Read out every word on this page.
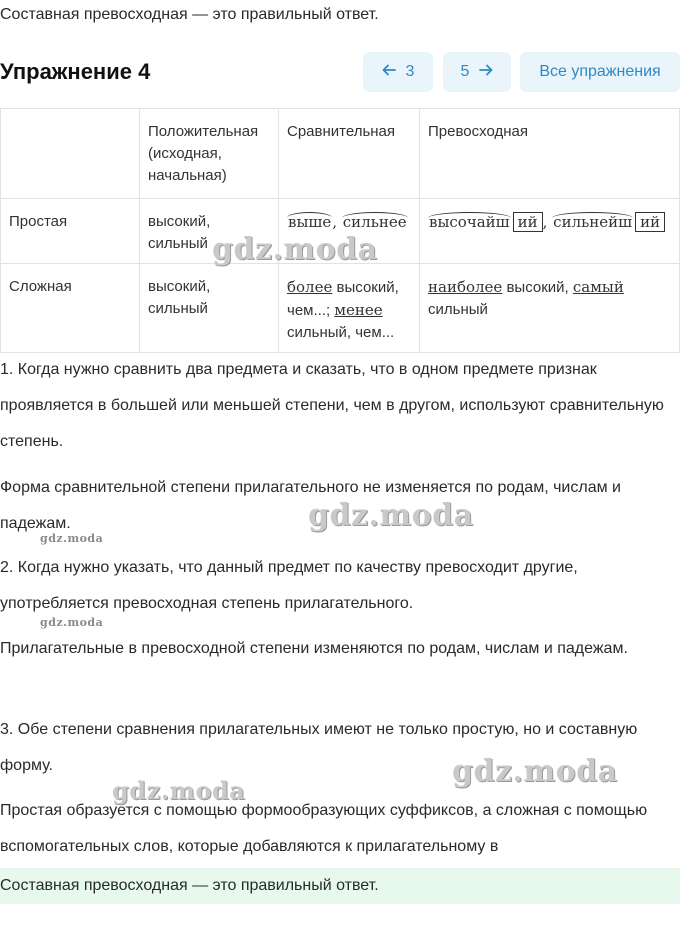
Составная превосходная — это правильный ответ.
Упражнение 4	3	5	Все упражнения
	Положительная (исходная, начальная)	Сравнительная	Превосходная
Простая	высокий, сильный	выше, сильнее	высочайш ий , сильнейш ий
Сложная	высокий, сильный	более высокий, чем...; менее сильный, чем...	наиболее высокий, самый сильный
1. Когда нужно сравнить два предмета и сказать, что в одном предмете признак проявляется в большей или меньшей степени, чем в другом, используют сравнительную степень.
Форма сравнительной степени прилагательного не изменяется по родам, числам и падежам.
2. Когда нужно указать, что данный предмет по качеству превосходит другие, употребляется превосходная степень прилагательного.
Прилагательные в превосходной степени изменяются по родам, числам и падежам.
3. Обе степени сравнения прилагательных имеют не только простую, но и составную форму.
Простая образуется с помощью формообразующих суффиксов, а сложная с помощью вспомогательных слов, которые добавляются к прилагательному в
Составная превосходная — это правильный ответ.
gdz.moda
gdz.moda
gdz.moda
gdz.moda
gdz.moda
gdz.moda
